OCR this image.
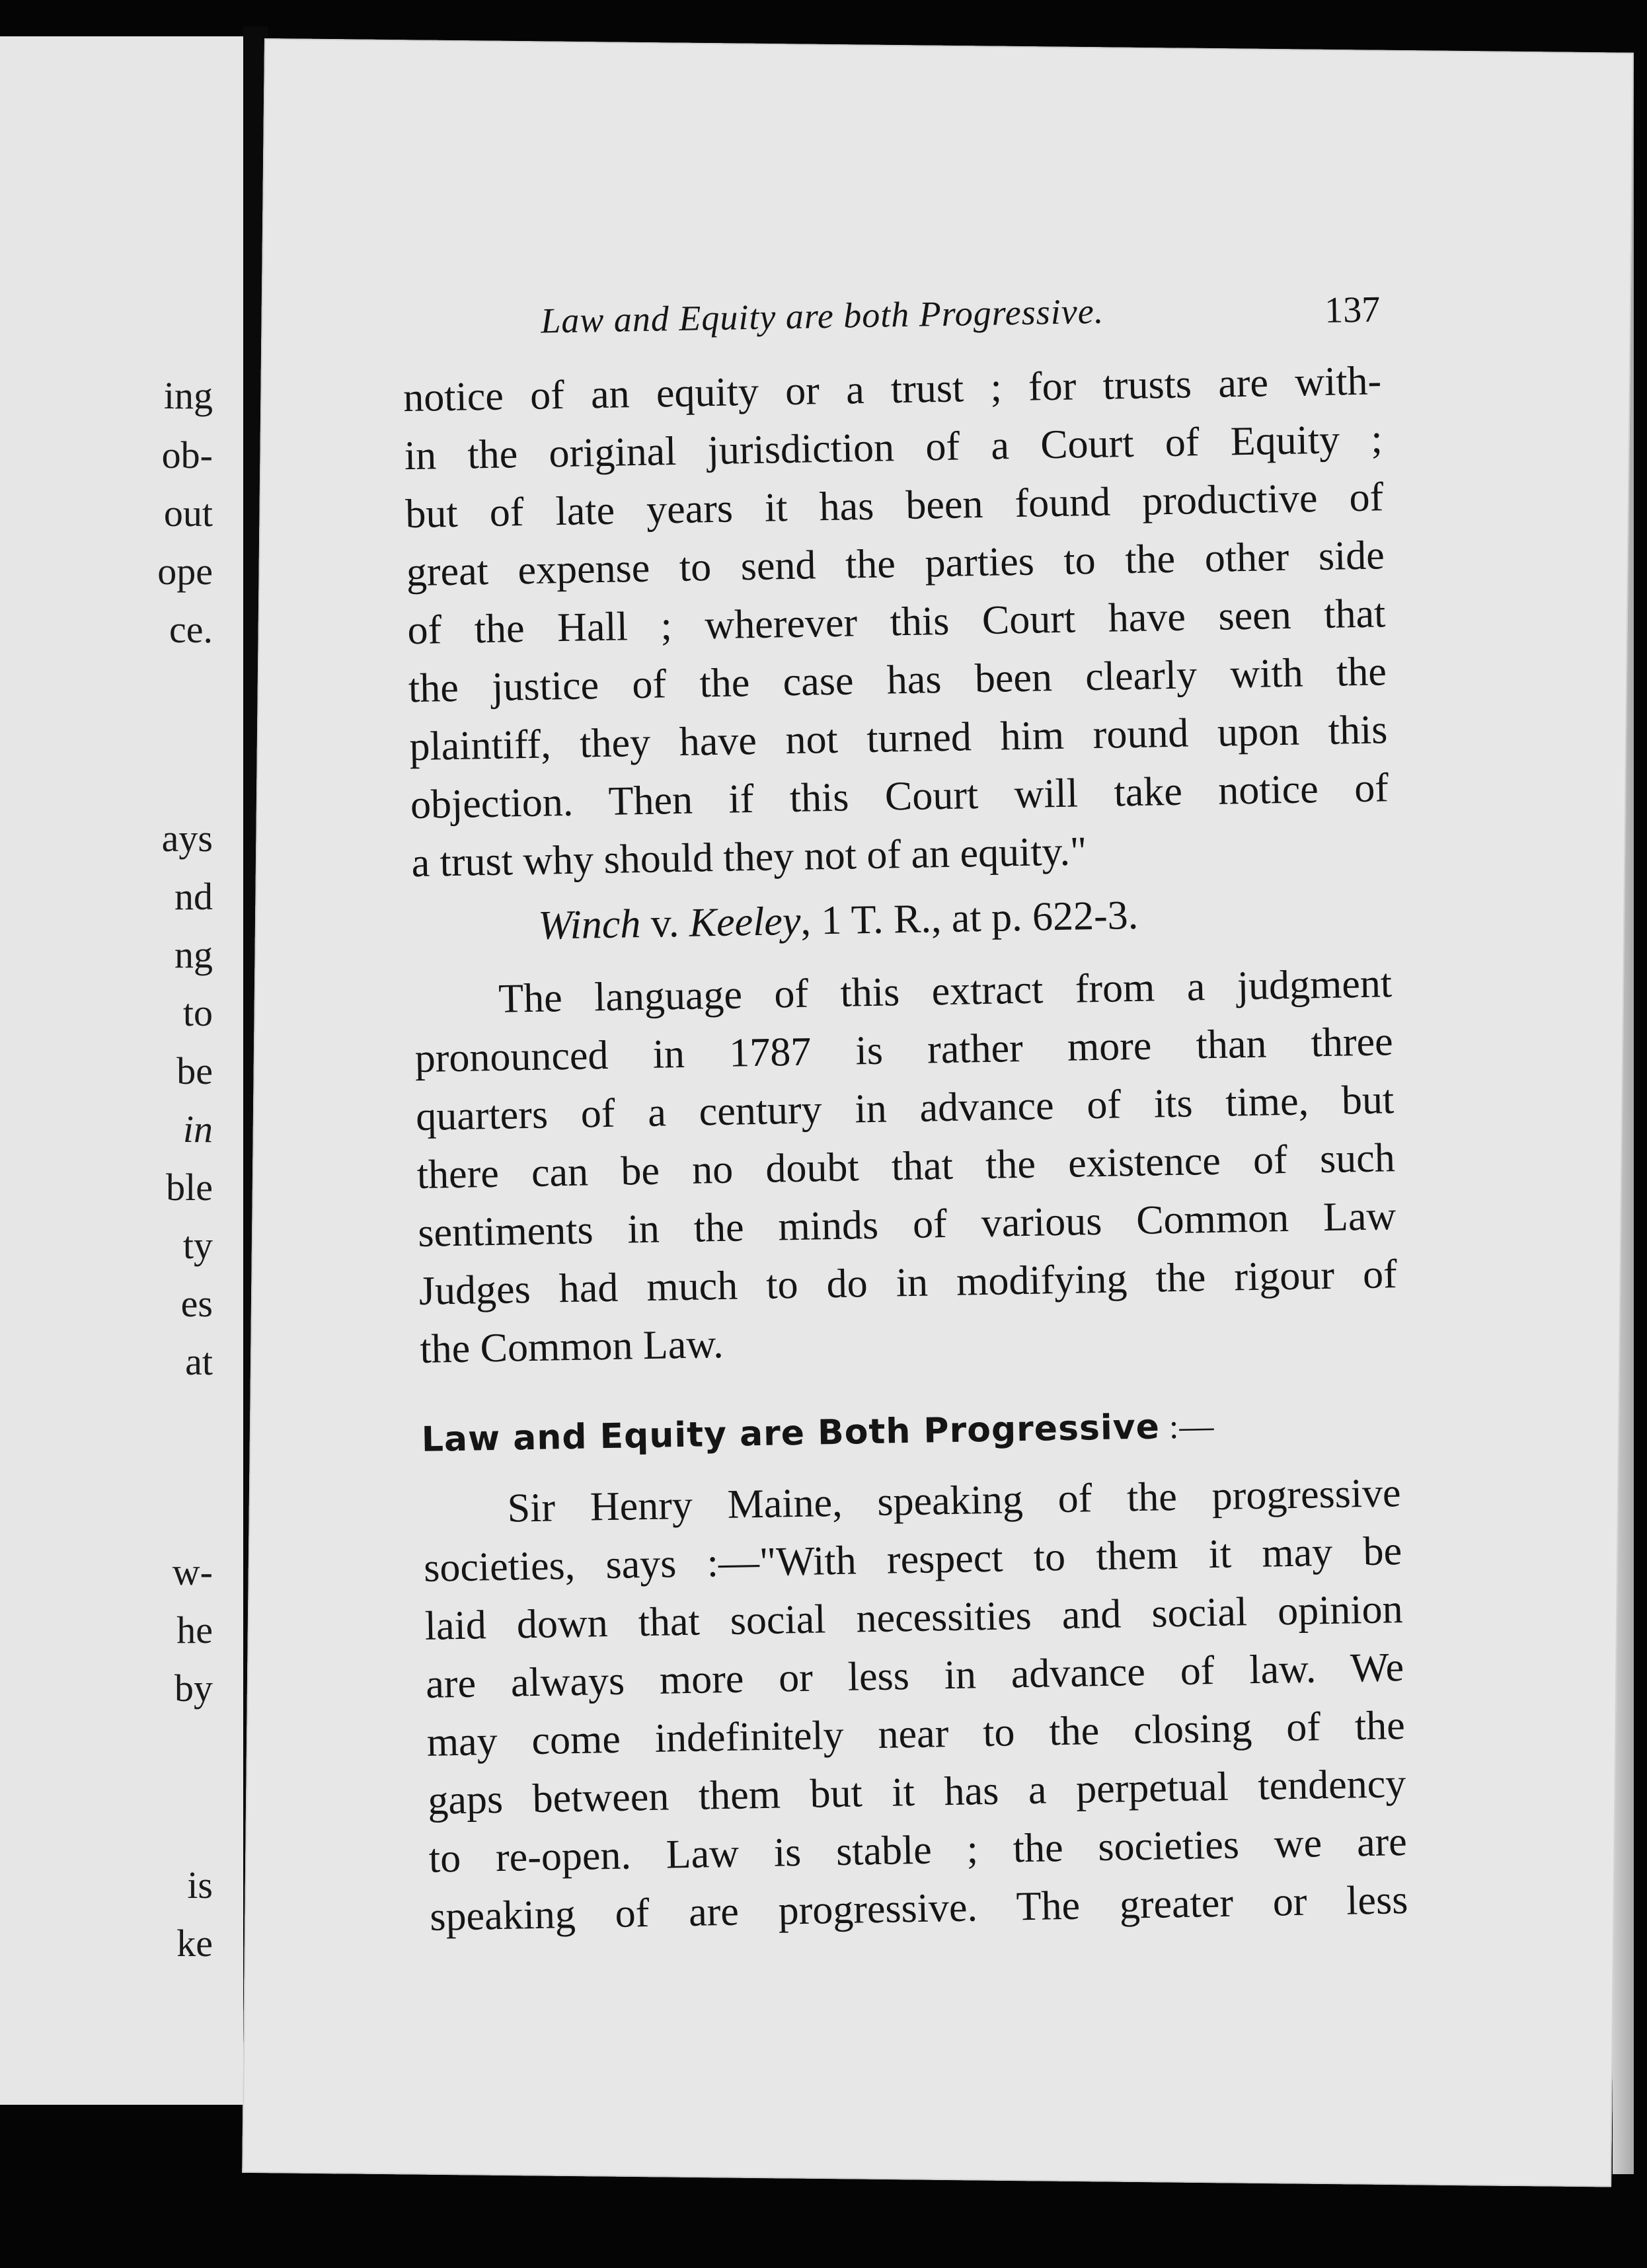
ing
ob-
out
ope
ce.
ays
nd
ng
to
be
in
ble
ty
es
at
w-
he
by
is
ke
Law and Equity are both Progressive.	137

notice of an equity or a trust ; for trusts are with-
in the original jurisdiction of a Court of Equity ;
but of late years it has been found productive of
great expense to send the parties to the other side
of the Hall ; wherever this Court have seen that
the justice of the case has been clearly with the
plaintiff, they have not turned him round upon this
objection. Then if this Court will take notice of
a trust why should they not of an equity."

Winch v. Keeley, 1 T. R., at p. 622-3.

The language of this extract from a judgment
pronounced in 1787 is rather more than three
quarters of a century in advance of its time, but
there can be no doubt that the existence of such
sentiments in the minds of various Common Law
Judges had much to do in modifying the rigour of
the Common Law.

Law and Equity are Both Progressive :—

Sir Henry Maine, speaking of the progressive
societies, says :—"With respect to them it may be
laid down that social necessities and social opinion
are always more or less in advance of law. We
may come indefinitely near to the closing of the
gaps between them but it has a perpetual tendency
to re-open. Law is stable ; the societies we are
speaking of are progressive. The greater or less
